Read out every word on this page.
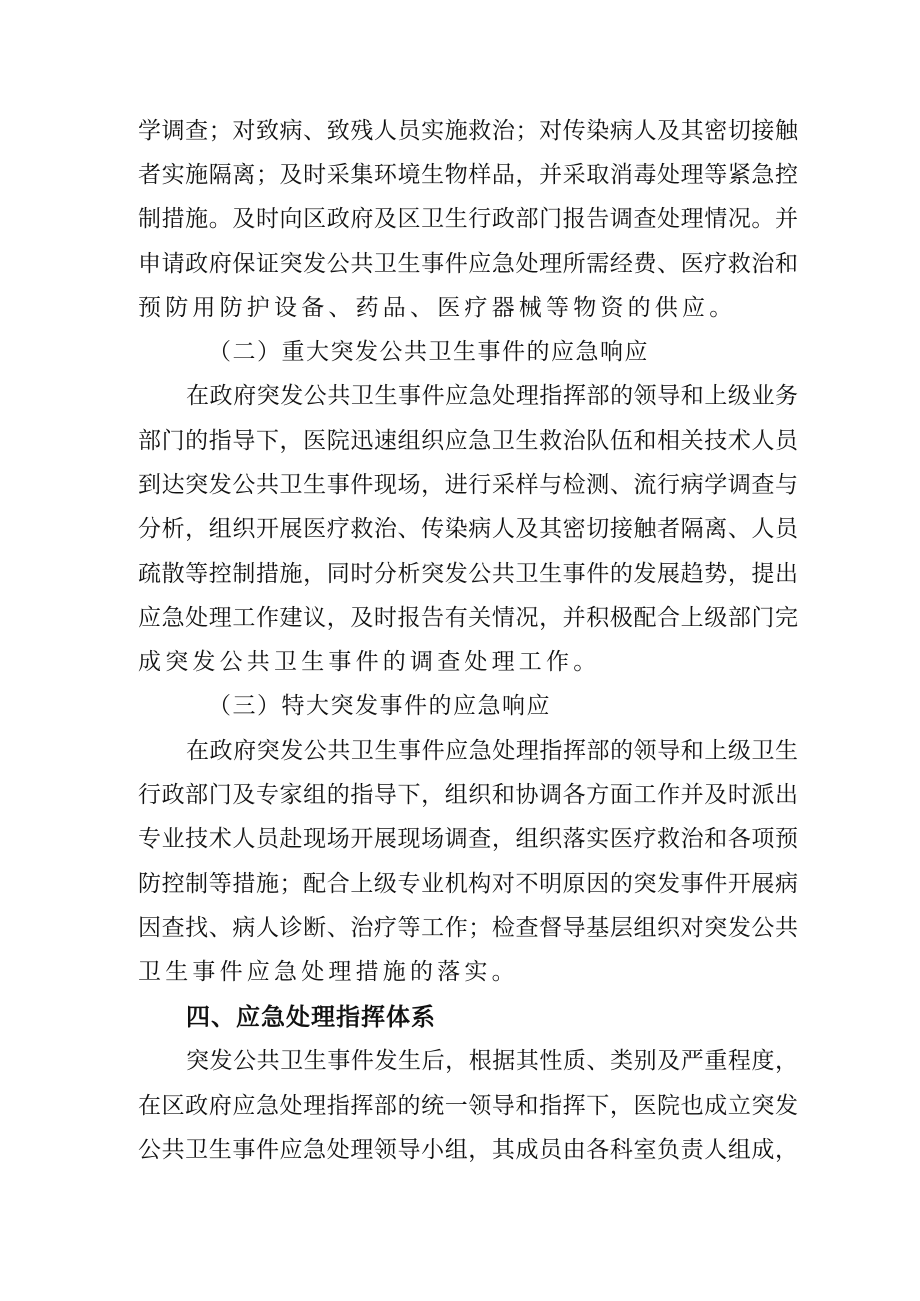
学调查；对致病、致残人员实施救治；对传染病人及其密切接触
者实施隔离；及时采集环境生物样品，并采取消毒处理等紧急控
制措施。及时向区政府及区卫生行政部门报告调查处理情况。并
申请政府保证突发公共卫生事件应急处理所需经费、医疗救治和
预防用防护设备、药品、医疗器械等物资的供应。
（二）重大突发公共卫生事件的应急响应
在政府突发公共卫生事件应急处理指挥部的领导和上级业务
部门的指导下，医院迅速组织应急卫生救治队伍和相关技术人员
到达突发公共卫生事件现场，进行采样与检测、流行病学调查与
分析，组织开展医疗救治、传染病人及其密切接触者隔离、人员
疏散等控制措施，同时分析突发公共卫生事件的发展趋势，提出
应急处理工作建议，及时报告有关情况，并积极配合上级部门完
成突发公共卫生事件的调查处理工作。
（三）特大突发事件的应急响应
在政府突发公共卫生事件应急处理指挥部的领导和上级卫生
行政部门及专家组的指导下，组织和协调各方面工作并及时派出
专业技术人员赴现场开展现场调查，组织落实医疗救治和各项预
防控制等措施；配合上级专业机构对不明原因的突发事件开展病
因查找、病人诊断、治疗等工作；检查督导基层组织对突发公共
卫生事件应急处理措施的落实。
四、应急处理指挥体系
突发公共卫生事件发生后，根据其性质、类别及严重程度，
在区政府应急处理指挥部的统一领导和指挥下，医院也成立突发
公共卫生事件应急处理领导小组，其成员由各科室负责人组成，
